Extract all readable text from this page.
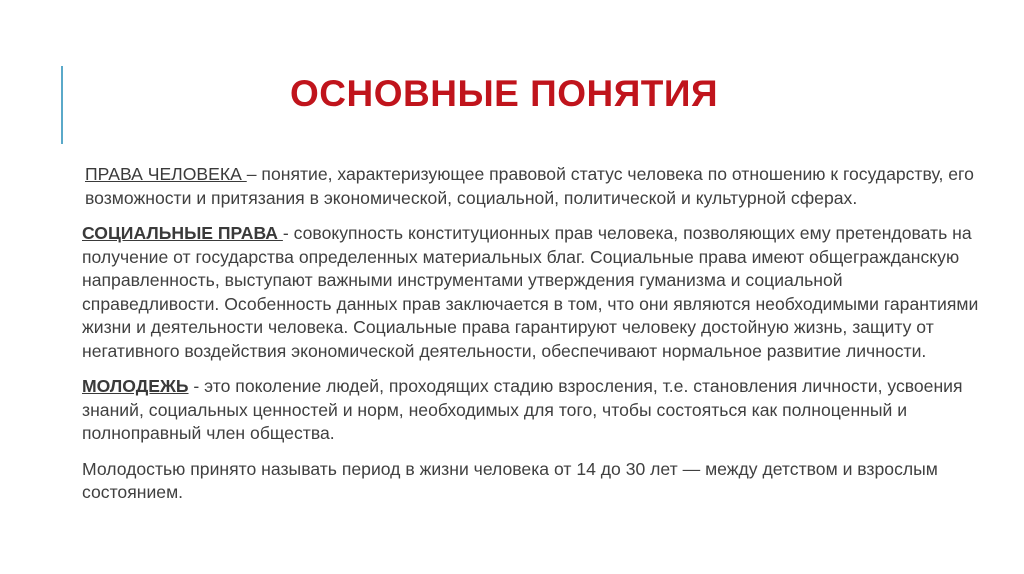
ОСНОВНЫЕ ПОНЯТИЯ

ПРАВА ЧЕЛОВЕКА – понятие, характеризующее правовой статус человека по отношению к государству, его возможности и притязания в экономической, социальной, политической и культурной сферах.

СОЦИАЛЬНЫЕ ПРАВА - совокупность конституционных прав человека, позволяющих ему претендовать на получение от государства определенных материальных благ. Социальные права имеют общегражданскую направленность, выступают важными инструментами утверждения гуманизма и социальной справедливости. Особенность данных прав заключается в том, что они являются необходимыми гарантиями жизни и деятельности человека. Социальные права гарантируют человеку достойную жизнь, защиту от негативного воздействия экономической деятельности, обеспечивают нормальное развитие личности.

МОЛОДЕЖЬ - это поколение людей, проходящих стадию взросления, т.е. становления личности, усвоения знаний, социальных ценностей и норм, необходимых для того, чтобы состояться как полноценный и полноправный член общества.

Молодостью принято называть период в жизни человека от 14 до 30 лет — между детством и взрослым состоянием.
